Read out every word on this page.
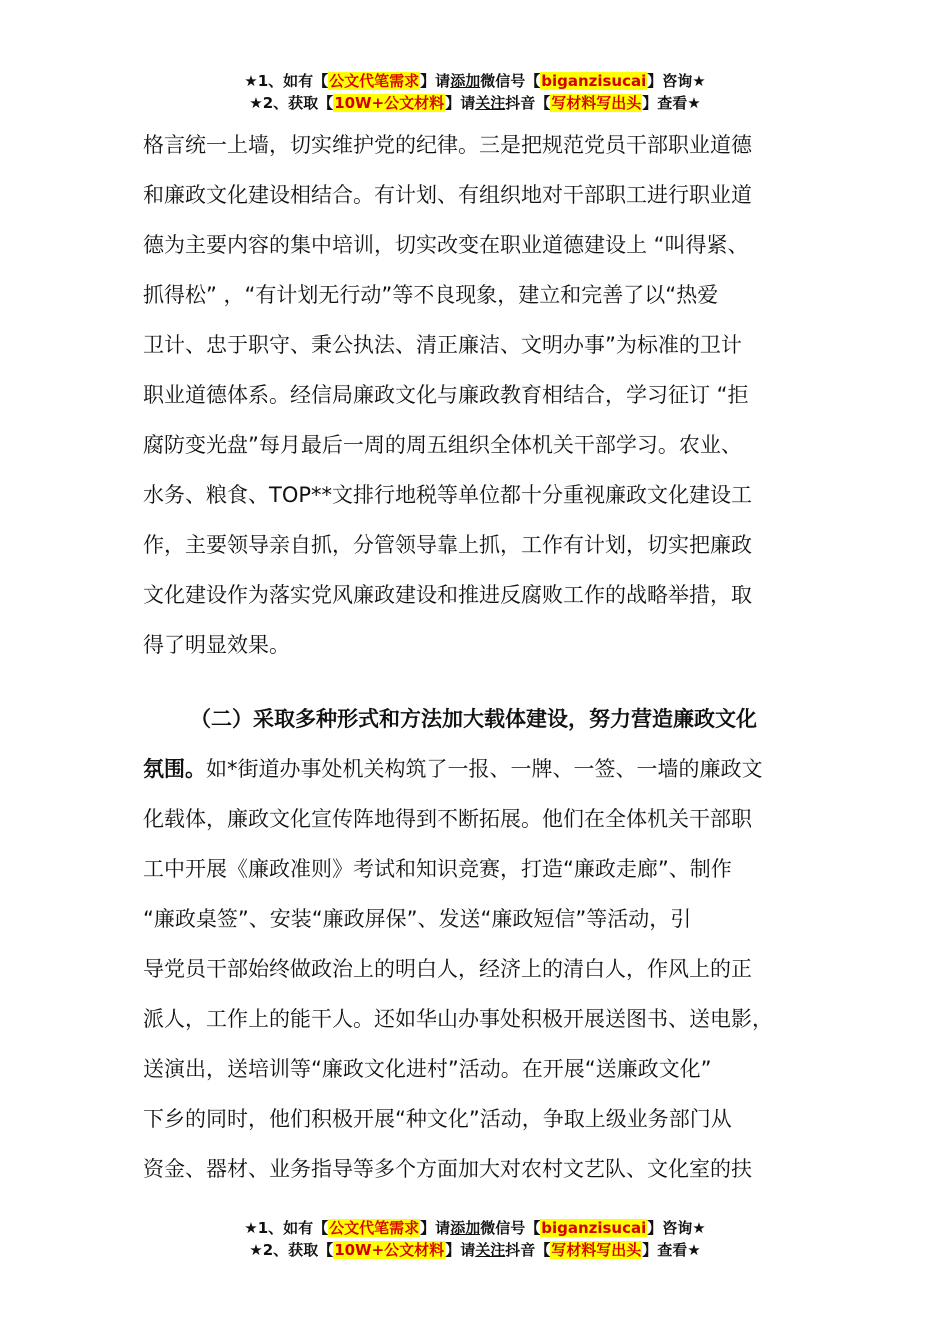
★1、如有【公文代笔需求】请添加微信号【biganzisucai】咨询★
★2、获取【10W+公文材料】请关注抖音【写材料写出头】查看★
格言统一上墙，切实维护党的纪律。三是把规范党员干部职业道德
和廉政文化建设相结合。有计划、有组织地对干部职工进行职业道
德为主要内容的集中培训，切实改变在职业道德建设上 “叫得紧、
抓得松” ，“有计划无行动”等不良现象，建立和完善了以“热爱
卫计、忠于职守、秉公执法、清正廉洁、文明办事”为标准的卫计
职业道德体系。经信局廉政文化与廉政教育相结合，学习征订 “拒
腐防变光盘”每月最后一周的周五组织全体机关干部学习。农业、
水务、粮食、TOP**文排行地税等单位都十分重视廉政文化建设工
作，主要领导亲自抓，分管领导靠上抓，工作有计划，切实把廉政
文化建设作为落实党风廉政建设和推进反腐败工作的战略举措，取
得了明显效果。
（二）采取多种形式和方法加大载体建设，努力营造廉政文化
氛围。如*街道办事处机关构筑了一报、一牌、一签、一墙的廉政文
化载体，廉政文化宣传阵地得到不断拓展。他们在全体机关干部职
工中开展《廉政准则》考试和知识竞赛，打造“廉政走廊”、制作
“廉政桌签”、安装“廉政屏保”、发送“廉政短信”等活动，引
导党员干部始终做政治上的明白人，经济上的清白人，作风上的正
派人，工作上的能干人。还如华山办事处积极开展送图书、送电影，
送演出，送培训等“廉政文化进村”活动。在开展“送廉政文化”
下乡的同时，他们积极开展“种文化”活动，争取上级业务部门从
资金、器材、业务指导等多个方面加大对农村文艺队、文化室的扶
★1、如有【公文代笔需求】请添加微信号【biganzisucai】咨询★
★2、获取【10W+公文材料】请关注抖音【写材料写出头】查看★
